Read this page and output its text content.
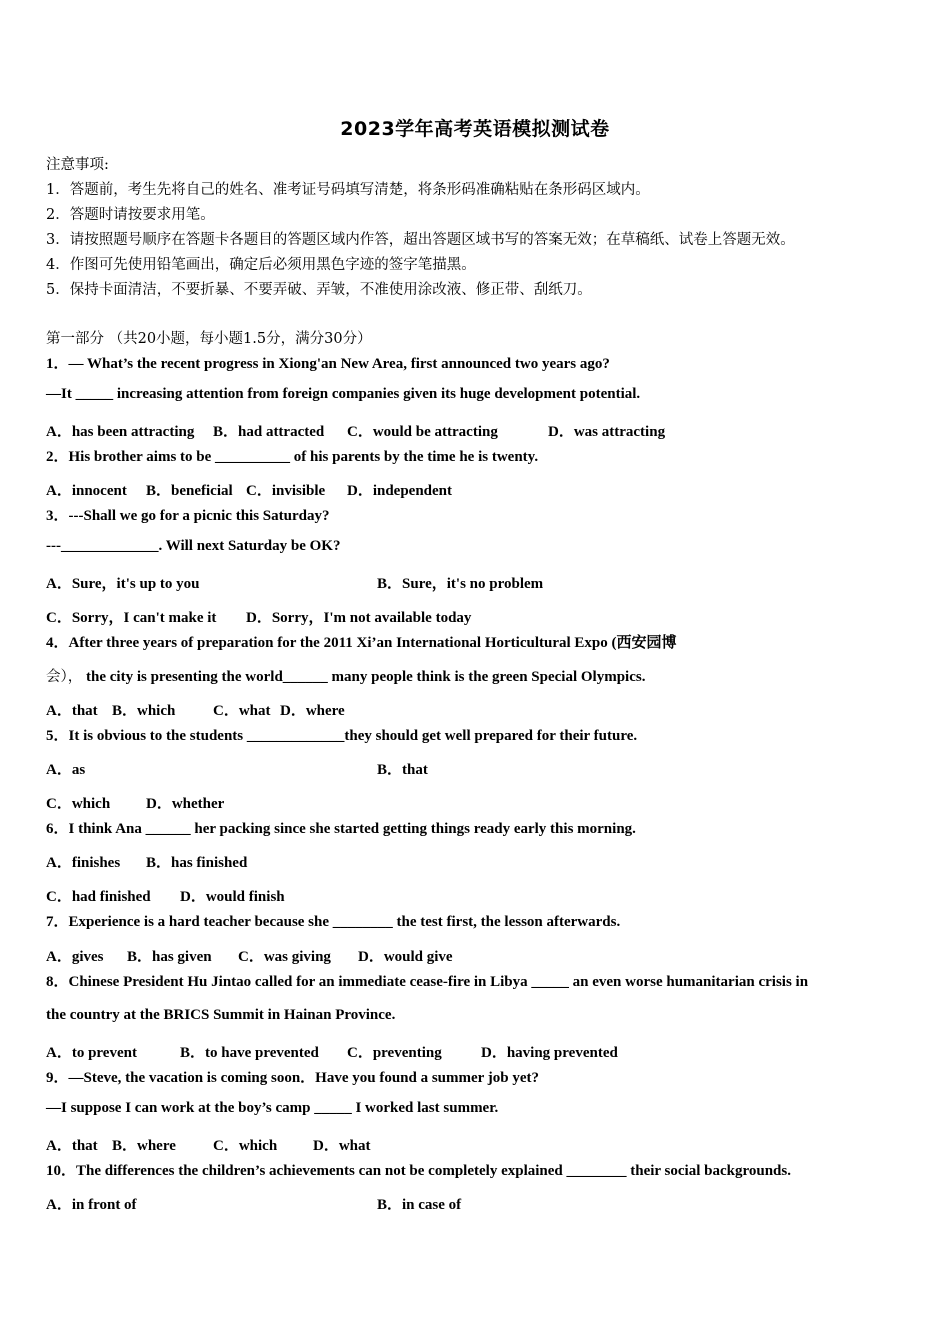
2023学年高考英语模拟测试卷
注意事项:
1．答题前，考生先将自己的姓名、准考证号码填写清楚，将条形码准确粘贴在条形码区域内。
2．答题时请按要求用笔。
3．请按照题号顺序在答题卡各题目的答题区域内作答，超出答题区域书写的答案无效；在草稿纸、试卷上答题无效。
4．作图可先使用铅笔画出，确定后必须用黑色字迹的签字笔描黑。
5．保持卡面清洁，不要折暴、不要弄破、弄皱，不准使用涂改液、修正带、刮纸刀。
第一部分 （共20小题，每小题1.5分，满分30分）
1．— What’s the recent progress in Xiong'an New Area, first announced two years ago?
—It _____ increasing attention from foreign companies given its huge development potential.
A．has been attracting B．had attracted C．would be attracting	D．was attracting
2．His brother aims to be __________ of his parents by the time he is twenty.
A．innocent B．beneficial C．invisible D．independent
3．---Shall we go for a picnic this Saturday?
---_____________. Will next Saturday be OK?
A．Sure，it's up to you	B．Sure，it's no problem
C．Sorry，I can't make it D．Sorry，I'm not available today
4．After three years of preparation for the 2011 Xi’an International Horticultural Expo (西安园博
会）， the city is presenting the world______ many people think is the green Special Olympics.
A．that B．which	C．what D．where
5．It is obvious to the students _____________they should get well prepared for their future.
A．as	B．that
C．which D．whether
6．I think Ana ______ her packing since she started getting things ready early this morning.
A．finishes B．has finished
C．had finished D．would finish
7．Experience is a hard teacher because she ________ the test first, the lesson afterwards.
A．gives B．has given C．was giving D．would give
8．Chinese President Hu Jintao called for an immediate cease-fire in Libya _____ an even worse humanitarian crisis in
the country at the BRICS Summit in Hainan Province.
A．to prevent	B．to have prevented C．preventing	D．having prevented
9．—Steve, the vacation is coming soon．Have you found a summer job yet?
—I suppose I can work at the boy’s camp _____ I worked last summer.
A．that B．where C．which D．what
10．The differences the children’s achievements can not be completely explained ________ their social backgrounds.
A．in front of	B．in case of
